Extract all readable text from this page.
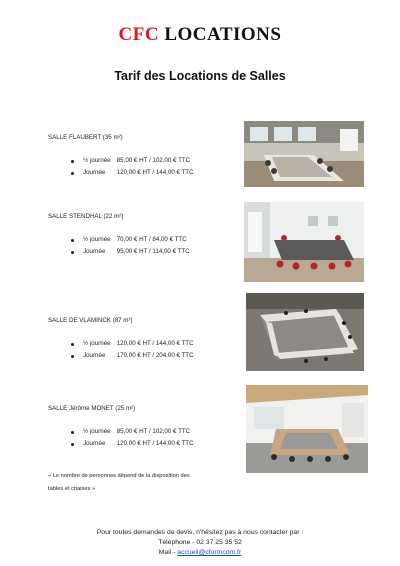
CFC LOCATIONS
Tarif des Locations de Salles

SALLE FLAUBERT (35 m²)

½ journée 85,00 € HT / 102,00 € TTC
Journée 120,00 € HT / 144,00 € TTC

SALLE STENDHAL (22 m²)

½ journée 70,00 € HT / 84,00 € TTC
Journée 95,00 € HT / 114,00 € TTC

SALLE DE VLAMINCK (87 m²)

½ journée 120,00 € HT / 144,00 € TTC
Journée 170,00 € HT / 204,00 € TTC

SALLE Jérôme MONET (25 m²)

½ journée 85,00 € HT / 102,00 € TTC
Journée 120,00 € HT / 144,00 € TTC
« Le nombre de personnes dépend de la disposition des
tables et chaises »
Pour toutes demandes de devis, n'hésitez pas à nous contacter par :
Téléphone - 02 37 25 35 52
Mail - accueil@cformcom.fr
